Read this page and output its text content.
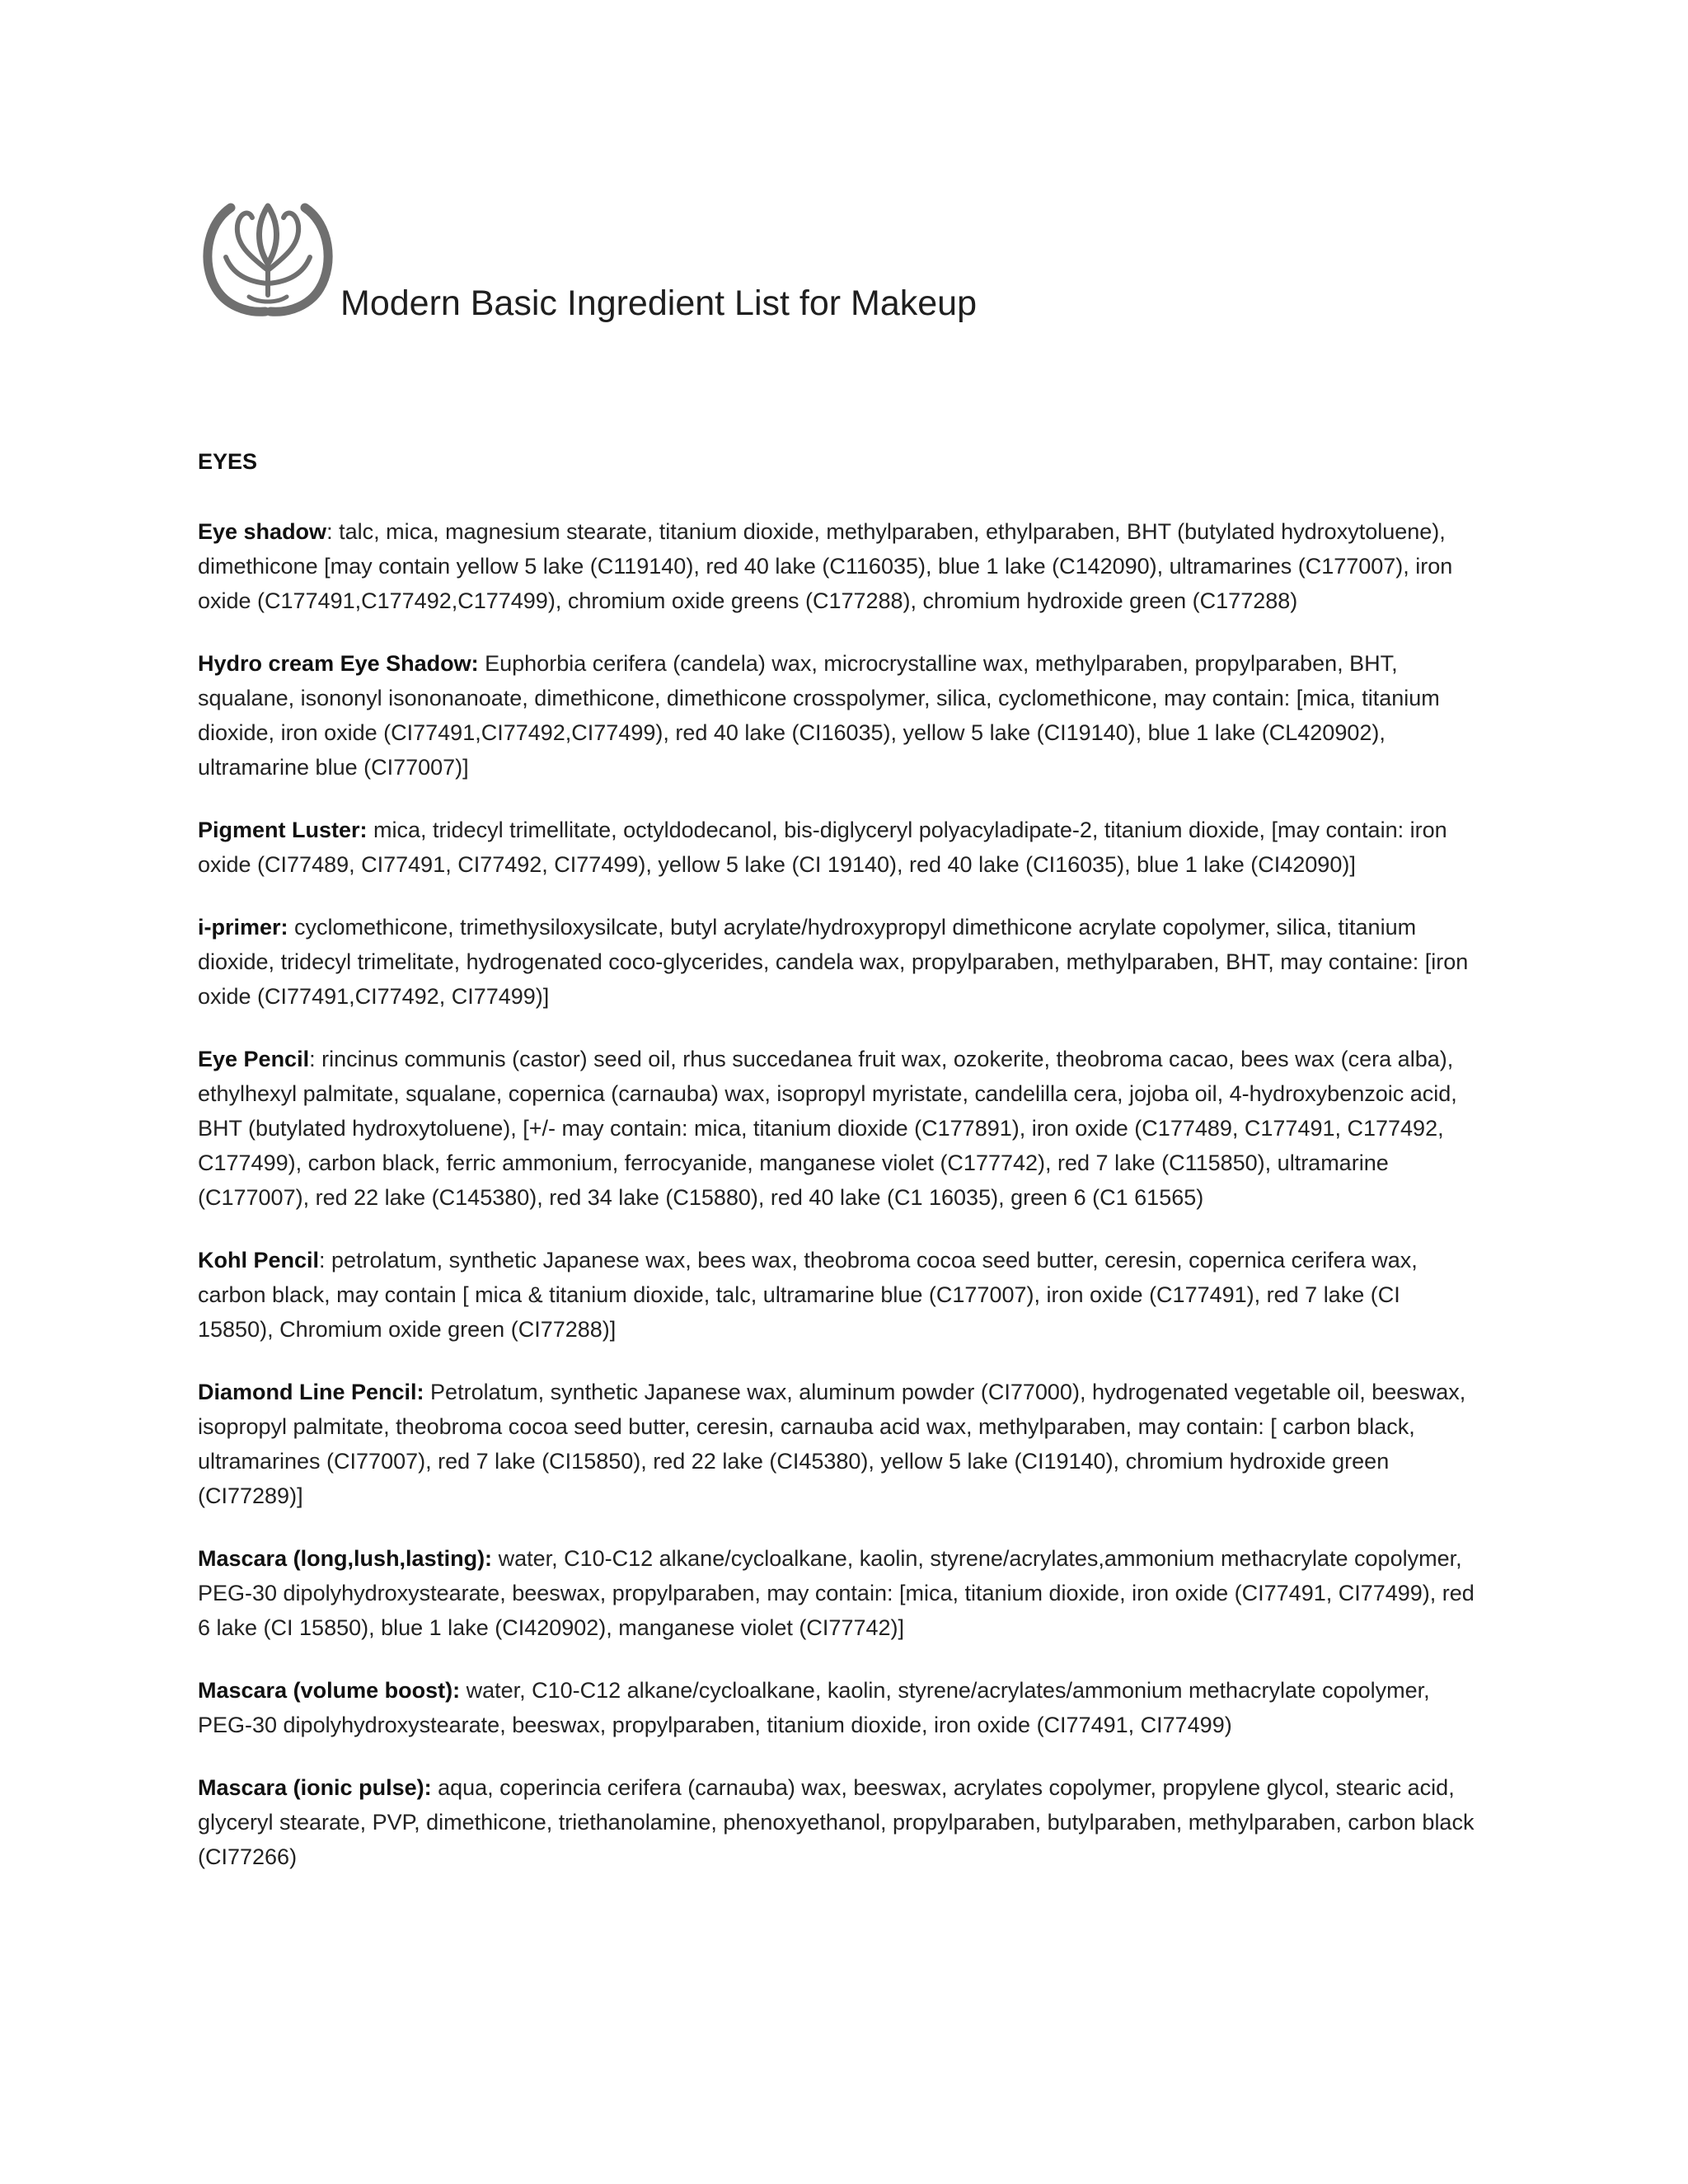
Modern Basic Ingredient List for Makeup
EYES

Eye shadow: talc, mica, magnesium stearate, titanium dioxide, methylparaben, ethylparaben, BHT (butylated hydroxytoluene), dimethicone [may contain yellow 5 lake (C119140), red 40 lake (C116035), blue 1 lake (C142090), ultramarines (C177007), iron oxide (C177491,C177492,C177499), chromium oxide greens (C177288), chromium hydroxide green (C177288)

Hydro cream Eye Shadow: Euphorbia cerifera (candela) wax, microcrystalline wax, methylparaben, propylparaben, BHT, squalane, isononyl isononanoate, dimethicone, dimethicone crosspolymer, silica, cyclomethicone, may contain: [mica, titanium dioxide, iron oxide (CI77491,CI77492,CI77499), red 40 lake (CI16035), yellow 5 lake (CI19140), blue 1 lake (CL420902), ultramarine blue (CI77007)]

Pigment Luster: mica, tridecyl trimellitate, octyldodecanol, bis-diglyceryl polyacyladipate-2, titanium dioxide, [may contain: iron oxide (CI77489, CI77491, CI77492, CI77499), yellow 5 lake (CI 19140), red 40 lake (CI16035), blue 1 lake (CI42090)]

i-primer: cyclomethicone, trimethysiloxysilcate, butyl acrylate/hydroxypropyl dimethicone acrylate copolymer, silica, titanium dioxide, tridecyl trimelitate, hydrogenated coco-glycerides, candela wax, propylparaben, methylparaben, BHT, may containe: [iron oxide (CI77491,CI77492, CI77499)]

Eye Pencil: rincinus communis (castor) seed oil, rhus succedanea fruit wax, ozokerite, theobroma cacao, bees wax (cera alba), ethylhexyl palmitate, squalane, copernica (carnauba) wax, isopropyl myristate, candelilla cera, jojoba oil, 4-hydroxybenzoic acid, BHT (butylated hydroxytoluene), [+/- may contain: mica, titanium dioxide (C177891), iron oxide (C177489, C177491, C177492, C177499), carbon black, ferric ammonium, ferrocyanide, manganese violet (C177742), red 7 lake (C115850), ultramarine (C177007), red 22 lake (C145380), red 34 lake (C15880), red 40 lake (C1 16035), green 6 (C1 61565)

Kohl Pencil: petrolatum, synthetic Japanese wax, bees wax, theobroma cocoa seed butter, ceresin, copernica cerifera wax, carbon black, may contain [ mica & titanium dioxide, talc, ultramarine blue (C177007), iron oxide (C177491), red 7 lake (CI 15850), Chromium oxide green (CI77288)]

Diamond Line Pencil: Petrolatum, synthetic Japanese wax, aluminum powder (CI77000), hydrogenated vegetable oil, beeswax, isopropyl palmitate, theobroma cocoa seed butter, ceresin, carnauba acid wax, methylparaben, may contain: [ carbon black, ultramarines (CI77007), red 7 lake (CI15850), red 22 lake (CI45380), yellow 5 lake (CI19140), chromium hydroxide green (CI77289)]

Mascara (long,lush,lasting): water, C10-C12 alkane/cycloalkane, kaolin, styrene/acrylates,ammonium methacrylate copolymer, PEG-30 dipolyhydroxystearate, beeswax, propylparaben, may contain: [mica, titanium dioxide, iron oxide (CI77491, CI77499), red 6 lake (CI 15850), blue 1 lake (CI420902), manganese violet (CI77742)]

Mascara (volume boost): water, C10-C12 alkane/cycloalkane, kaolin, styrene/acrylates/ammonium methacrylate copolymer, PEG-30 dipolyhydroxystearate, beeswax, propylparaben, titanium dioxide, iron oxide (CI77491, CI77499)

Mascara (ionic pulse): aqua, coperincia cerifera (carnauba) wax, beeswax, acrylates copolymer, propylene glycol, stearic acid, glyceryl stearate, PVP, dimethicone, triethanolamine, phenoxyethanol, propylparaben, butylparaben, methylparaben, carbon black (CI77266)
